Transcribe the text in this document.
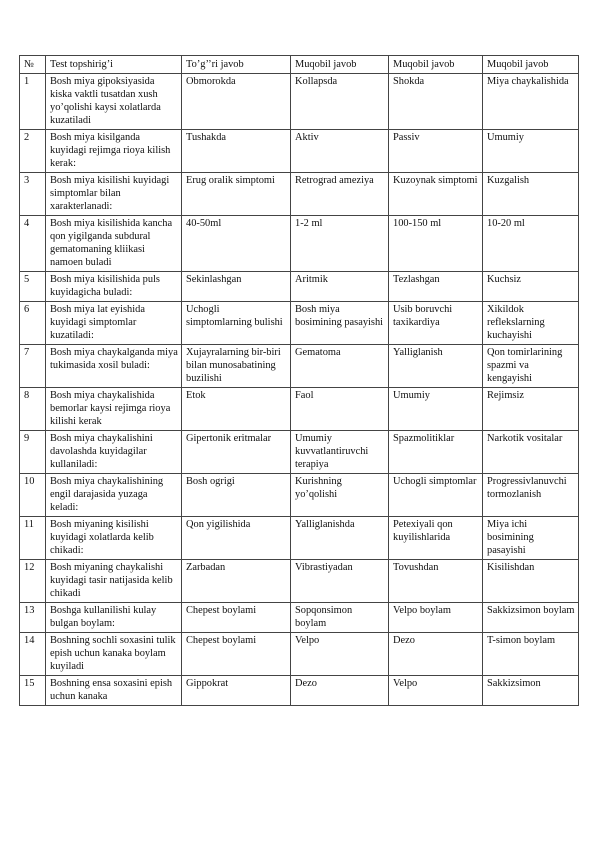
№	Test topshirig’i	To’g’’ri javob	Muqobil javob	Muqobil javob	Muqobil javob
1	Bosh miya gipoksiyasida kiska vaktli tusatdan xush yo’qolishi kaysi xolatlarda kuzatiladi	Obmorokda	Kollapsda	Shokda	Miya chaykalishida
2	Bosh miya kisilganda kuyidagi rejimga rioya kilish kerak:	Tushakda	Aktiv	Passiv	Umumiy
3	Bosh miya kisilishi kuyidagi simptomlar bilan xarakterlanadi:	Erug oralik simptomi	Retrograd ameziya	Kuzoynak simptomi	Kuzgalish
4	Bosh miya kisilishida kancha qon yigilganda subdural gematomaning kliikasi namoen buladi	40-50ml	1-2 ml	100-150 ml	10-20 ml
5	Bosh miya kisilishida puls kuyidagicha buladi:	Sekinlashgan	Aritmik	Tezlashgan	Kuchsiz
6	Bosh miya lat eyishida kuyidagi simptomlar kuzatiladi:	Uchogli simptomlarning bulishi	Bosh miya bosimining pasayishi	Usib boruvchi taxikardiya	Xikildok reflekslarning kuchayishi
7	Bosh miya chaykalganda miya tukimasida xosil buladi:	Xujayralarning bir-biri bilan munosabatining buzilishi	Gematoma	Yalliglanish	Qon tomirlarining spazmi va kengayishi
8	Bosh miya chaykalishida bemorlar kaysi rejimga rioya kilishi kerak	Etok	Faol	Umumiy	Rejimsiz
9	Bosh miya chaykalishini davolashda kuyidagilar kullaniladi:	Gipertonik eritmalar	Umumiy kuvvatlantiruvchi terapiya	Spazmolitiklar	Narkotik vositalar
10	Bosh miya chaykalishining engil darajasida yuzaga keladi:	Bosh ogrigi	Kurishning yo’qolishi	Uchogli simptomlar	Progressivlanuvchi tormozlanish
11	Bosh miyaning kisilishi kuyidagi xolatlarda kelib chikadi:	Qon yigilishida	Yalliglanishda	Petexiyali qon kuyilishlarida	Miya ichi bosimining pasayishi
12	Bosh miyaning chaykalishi kuyidagi tasir natijasida kelib chikadi	Zarbadan	Vibrastiyadan	Tovushdan	Kisilishdan
13	Boshga kullanilishi kulay bulgan boylam:	Chepest boylami	Sopqonsimon boylam	Velpo boylam	Sakkizsimon boylam
14	Boshning sochli soxasini tulik epish uchun kanaka boylam kuyiladi	Chepest boylami	Velpo	Dezo	T-simon boylam
15	Boshning ensa soxasini epish uchun kanaka	Gippokrat	Dezo	Velpo	Sakkizsimon
